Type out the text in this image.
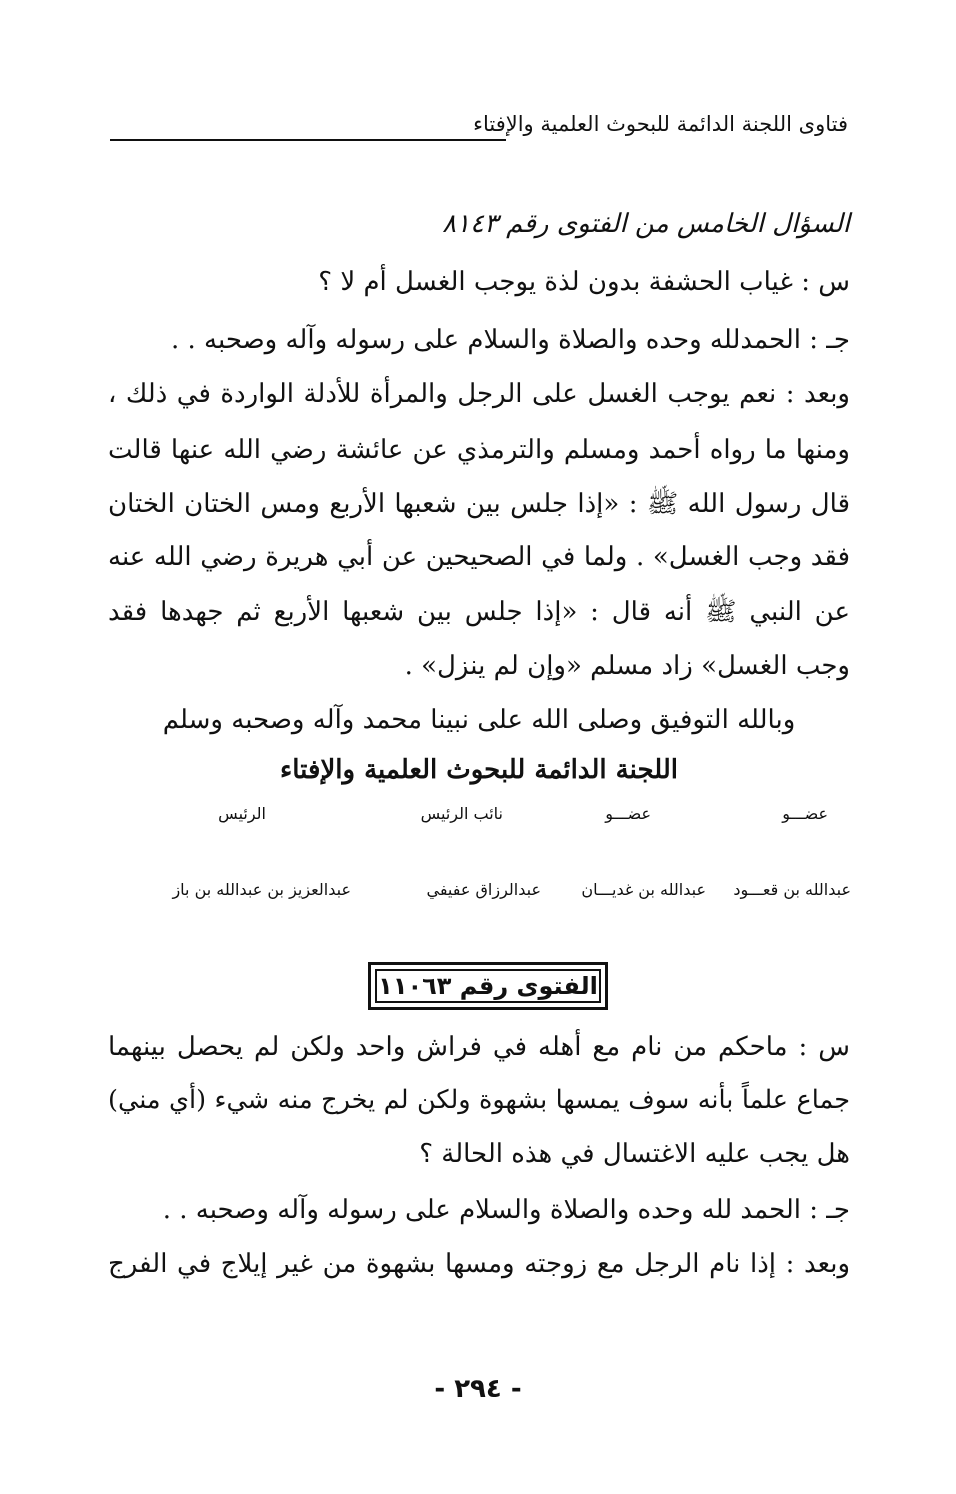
فتاوى اللجنة الدائمة للبحوث العلمية والإفتاء
السؤال الخامس من الفتوى رقم ٨١٤٣
س : غياب الحشفة بدون لذة يوجب الغسل أم لا ؟
جـ : الحمدلله وحده والصلاة والسلام على رسوله وآله وصحبه . .
وبعد : نعم يوجب الغسل على الرجل والمرأة للأدلة الواردة في ذلك ،
ومنها ما رواه أحمد ومسلم والترمذي عن عائشة رضي الله عنها قالت
قال رسول الله ﷺ : «إذا جلس بين شعبها الأربع ومس الختان الختان
فقد وجب الغسل» . ولما في الصحيحين عن أبي هريرة رضي الله عنه
عن النبي ﷺ أنه قال : «إذا جلس بين شعبها الأربع ثم جهدها فقد
وجب الغسل» زاد مسلم «وإن لم ينزل» .
وبالله التوفيق وصلى الله على نبينا محمد وآله وصحبه وسلم
اللجنة الدائمة للبحوث العلمية والإفتاء
عضـــو
عضـــو
نائب الرئيس
الرئيس
عبدالله بن قعـــود
عبدالله بن غديـــان
عبدالرزاق عفيفي
عبدالعزيز بن عبدالله بن باز
الفتوى رقم ١١٠٦٣
س : ماحكم من نام مع أهله في فراش واحد ولكن لم يحصل بينهما
جماع علماً بأنه سوف يمسها بشهوة ولكن لم يخرج منه شيء (أي مني)
هل يجب عليه الاغتسال في هذه الحالة ؟
جـ : الحمد لله وحده والصلاة والسلام على رسوله وآله وصحبه . .
وبعد : إذا نام الرجل مع زوجته ومسها بشهوة من غير إيلاج في الفرج
- ٢٩٤ -
